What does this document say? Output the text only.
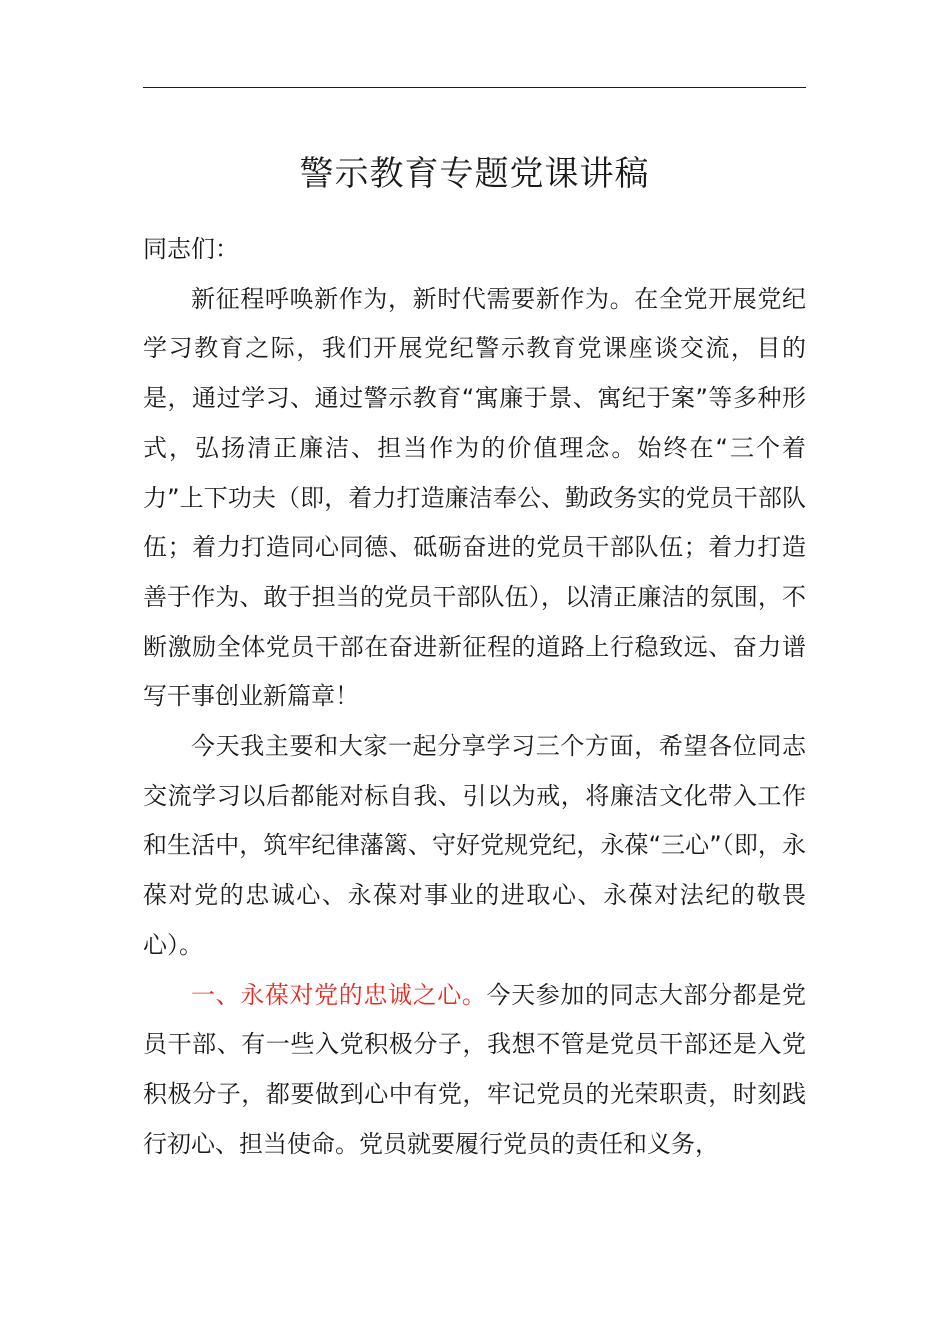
警示教育专题党课讲稿

同志们：

新征程呼唤新作为，新时代需要新作为。在全党开展党纪学习教育之际，我们开展党纪警示教育党课座谈交流，目的是，通过学习、通过警示教育“寓廉于景、寓纪于案”等多种形式，弘扬清正廉洁、担当作为的价值理念。始终在“三个着力”上下功夫（即，着力打造廉洁奉公、勤政务实的党员干部队伍；着力打造同心同德、砥砺奋进的党员干部队伍；着力打造善于作为、敢于担当的党员干部队伍），以清正廉洁的氛围，不断激励全体党员干部在奋进新征程的道路上行稳致远、奋力谱写干事创业新篇章！

今天我主要和大家一起分享学习三个方面，希望各位同志交流学习以后都能对标自我、引以为戒，将廉洁文化带入工作和生活中，筑牢纪律藩篱、守好党规党纪，永葆“三心”（即，永葆对党的忠诚心、永葆对事业的进取心、永葆对法纪的敬畏心）。

一、永葆对党的忠诚之心。今天参加的同志大部分都是党员干部、有一些入党积极分子，我想不管是党员干部还是入党积极分子，都要做到心中有党，牢记党员的光荣职责，时刻践行初心、担当使命。党员就要履行党员的责任和义务，
